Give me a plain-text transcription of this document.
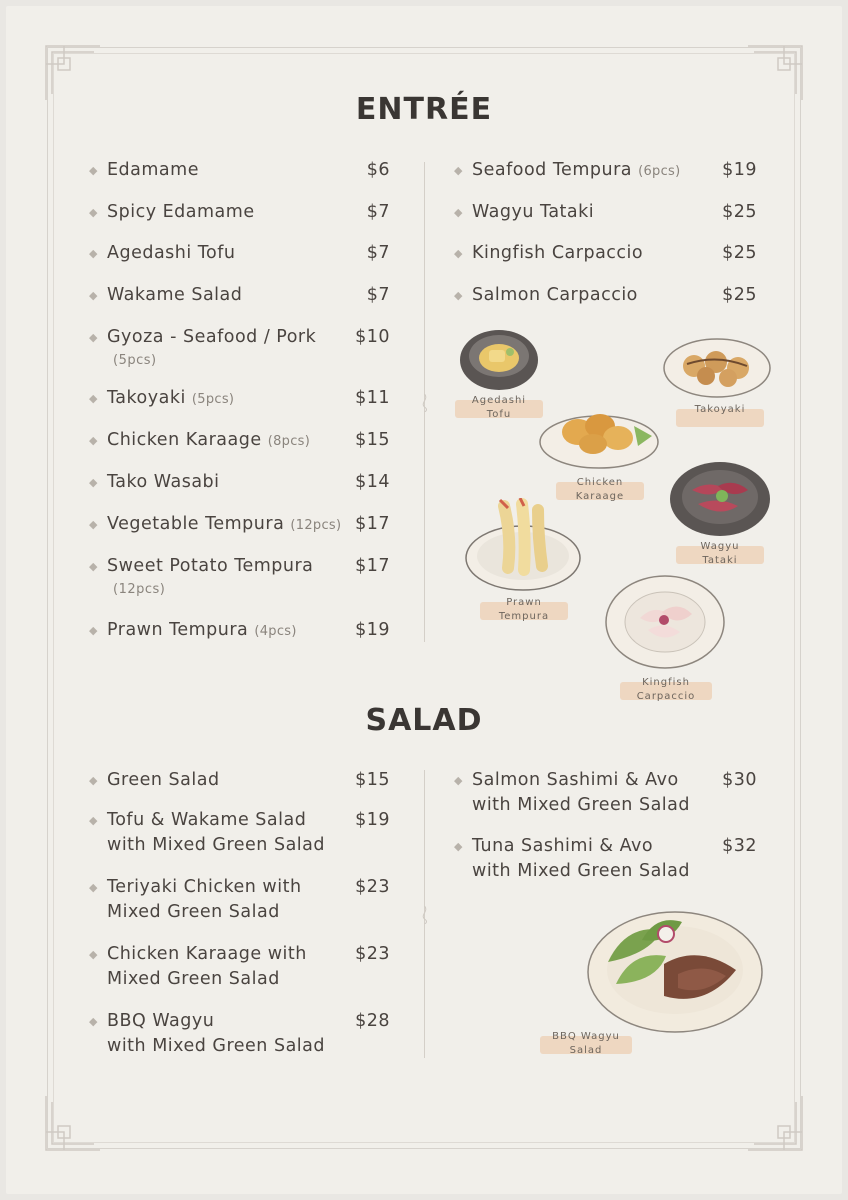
ENTRÉE
◆ Edamame	$6
◆ Spicy Edamame	$7
◆ Agedashi Tofu	$7
◆ Wakame Salad	$7
◆ Gyoza - Seafood / Pork
(5pcs)
$10
◆ Takoyaki (5pcs)	$11
◆ Chicken Karaage (8pcs)	$15
◆ Tako Wasabi	$14
◆ Vegetable Tempura (12pcs) $17
◆ Sweet Potato Tempura
(12pcs)
$17
◆ Prawn Tempura (4pcs)	$19
◆ Seafood Tempura (6pcs) $19
◆ Wagyu Tataki	$25
◆ Kingfish Carpaccio	$25
◆ Salmon Carpaccio	$25
Agedashi
Tofu	Takoyaki
Chicken
Karaage
Wagyu
Tataki
Prawn
Tempura
Kingfish
Carpaccio
SALAD
◆ Green Salad	$15
◆ Tofu & Wakame Salad
with Mixed Green Salad
$19
◆ Teriyaki Chicken with
Mixed Green Salad
$23
◆ Chicken Karaage with
Mixed Green Salad
$23
◆ BBQ Wagyu
with Mixed Green Salad
$28
◆ Salmon Sashimi & Avo
with Mixed Green Salad
$30
◆ Tuna Sashimi & Avo
with Mixed Green Salad
$32
BBQ Wagyu
Salad
